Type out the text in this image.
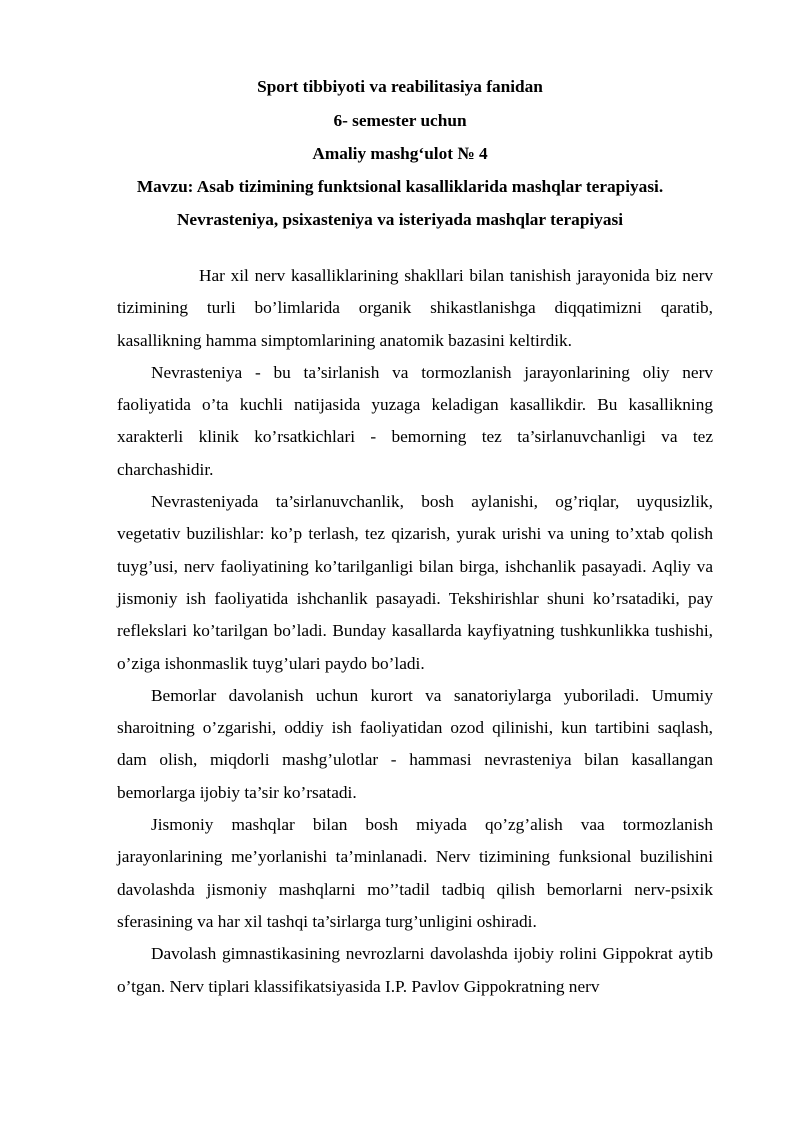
Sport tibbiyoti va reabilitasiya fanidan
6- semester uchun
Amaliy mashg‘ulot № 4
Mavzu: Asab tizimining funktsional kasalliklarida mashqlar terapiyasi.
Nevrasteniya, psixasteniya va isteriyada mashqlar terapiyasi

Har xil nerv kasalliklarining shakllari bilan tanishish jarayonida biz nerv tizimining turli bo’limlarida organik shikastlanishga diqqatimizni qaratib, kasallikning hamma simptomlarining anatomik bazasini keltirdik.

Nevrasteniya - bu ta’sirlanish va tormozlanish jarayonlarining oliy nerv faoliyatida o’ta kuchli natijasida yuzaga keladigan kasallikdir. Bu kasallikning xarakterli klinik ko’rsatkichlari - bemorning tez ta’sirlanuvchanligi va tez charchashidir.

Nevrasteniyada ta’sirlanuvchanlik, bosh aylanishi, og’riqlar, uyqusizlik, vegetativ buzilishlar: ko’p terlash, tez qizarish, yurak urishi va uning to’xtab qolish tuyg’usi, nerv faoliyatining ko’tarilganligi bilan birga, ishchanlik pasayadi. Aqliy va jismoniy ish faoliyatida ishchanlik pasayadi. Tekshirishlar shuni ko’rsatadiki, pay reflekslari ko’tarilgan bo’ladi. Bunday kasallarda kayfiyatning tushkunlikka tushishi, o’ziga ishonmaslik tuyg’ulari paydo bo’ladi.

Bemorlar davolanish uchun kurort va sanatoriylarga yuboriladi. Umumiy sharoitning o’zgarishi, oddiy ish faoliyatidan ozod qilinishi, kun tartibini saqlash, dam olish, miqdorli mashg’ulotlar - hammasi nevrasteniya bilan kasallangan bemorlarga ijobiy ta’sir ko’rsatadi.

Jismoniy mashqlar bilan bosh miyada qo’zg’alish vaa tormozlanish jarayonlarining me’yorlanishi ta’minlanadi. Nerv tizimining funksional buzilishini davolashda jismoniy mashqlarni mo’’tadil tadbiq qilish bemorlarni nerv-psixik sferasining va har xil tashqi ta’sirlarga turg’unligini oshiradi.

Davolash gimnastikasining nevrozlarni davolashda ijobiy rolini Gippokrat aytib o’tgan. Nerv tiplari klassifikatsiyasida I.P. Pavlov Gippokratning nerv
